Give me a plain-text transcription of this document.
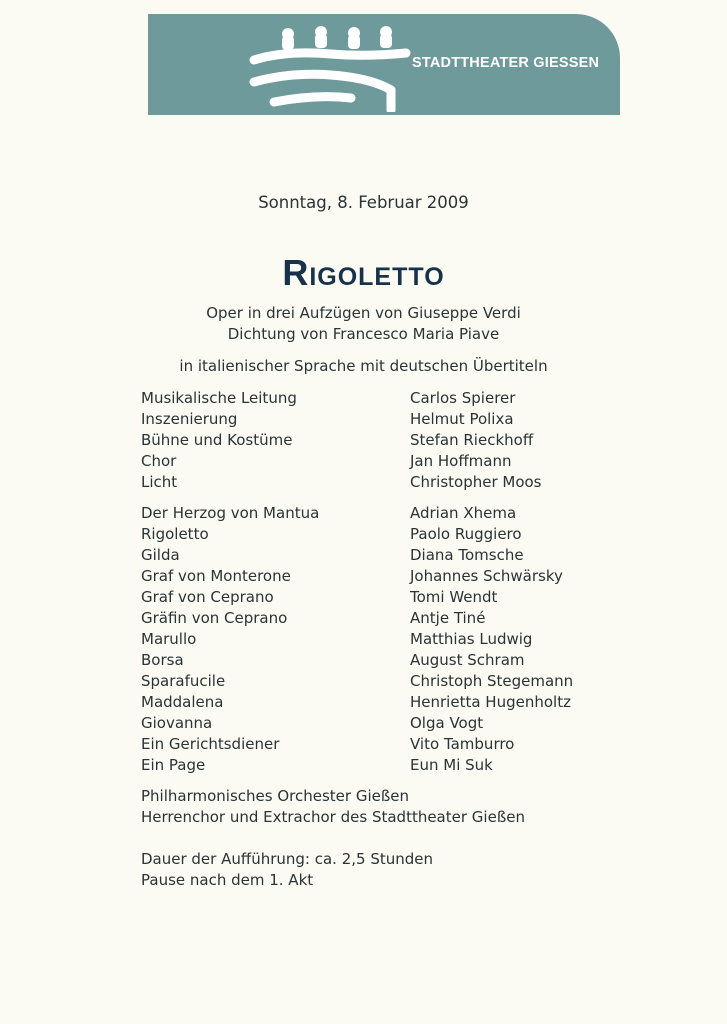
STADTTHEATER GIESSEN
Sonntag, 8. Februar 2009
Rigoletto
Oper in drei Aufzügen von Giuseppe Verdi
Dichtung von Francesco Maria Piave
in italienischer Sprache mit deutschen Übertiteln
Musikalische Leitung	Carlos Spierer
Inszenierung	Helmut Polixa
Bühne und Kostüme	Stefan Rieckhoff
Chor	Jan Hoffmann
Licht	Christopher Moos
Der Herzog von Mantua	Adrian Xhema
Rigoletto	Paolo Ruggiero
Gilda	Diana Tomsche
Graf von Monterone	Johannes Schwärsky
Graf von Ceprano	Tomi Wendt
Gräfin von Ceprano	Antje Tiné
Marullo	Matthias Ludwig
Borsa	August Schram
Sparafucile	Christoph Stegemann
Maddalena	Henrietta Hugenholtz
Giovanna	Olga Vogt
Ein Gerichtsdiener	Vito Tamburro
Ein Page	Eun Mi Suk
Philharmonisches Orchester Gießen
Herrenchor und Extrachor des Stadttheater Gießen
Dauer der Aufführung: ca. 2,5 Stunden
Pause nach dem 1. Akt
